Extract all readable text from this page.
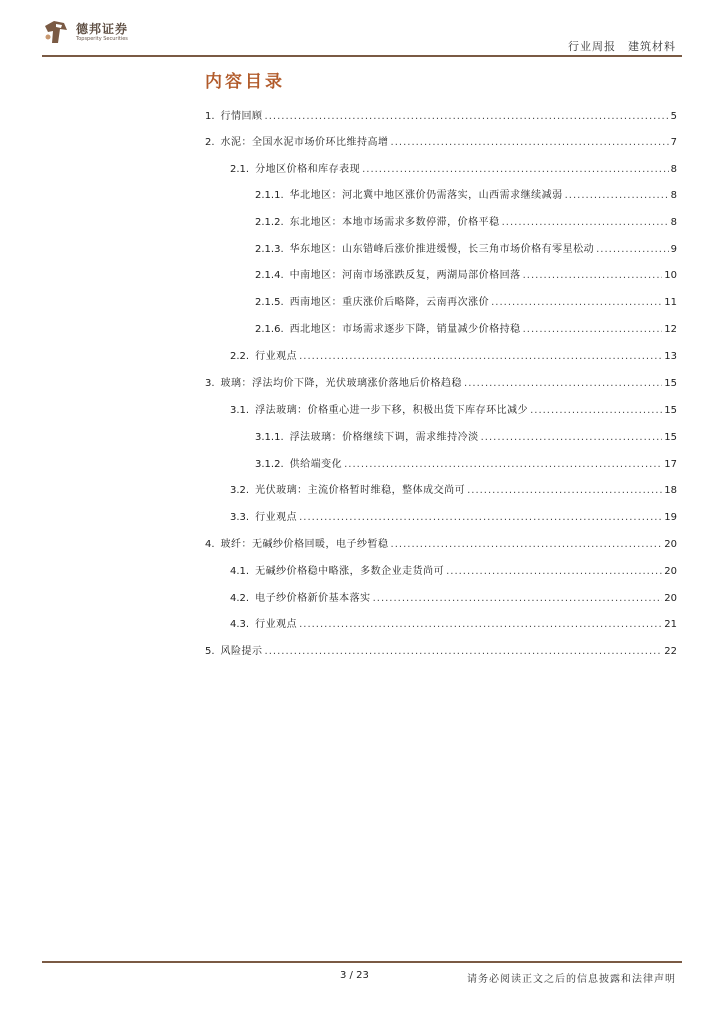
德邦证券
Topsperity Securities
行业周报 建筑材料
内容目录
1. 行情回顾 .....	5
2. 水泥：全国水泥市场价环比维持高增 .....	7
2.1. 分地区价格和库存表现 .....	8
2.1.1. 华北地区：河北冀中地区涨价仍需落实，山西需求继续减弱 .....	8
2.1.2. 东北地区：本地市场需求多数停滞，价格平稳 .....	8
2.1.3. 华东地区：山东错峰后涨价推进缓慢，长三角市场价格有零星松动 .....	9
2.1.4. 中南地区：河南市场涨跌反复，两湖局部价格回落 .....	10
2.1.5. 西南地区：重庆涨价后略降，云南再次涨价 .....	11
2.1.6. 西北地区：市场需求逐步下降，销量减少价格持稳 .....	12
2.2. 行业观点 .....	13
3. 玻璃：浮法均价下降，光伏玻璃涨价落地后价格趋稳 .....	15
3.1. 浮法玻璃：价格重心进一步下移，积极出货下库存环比减少 .....	15
3.1.1. 浮法玻璃：价格继续下调，需求维持冷淡 .....	15
3.1.2. 供给端变化 .....	17
3.2. 光伏玻璃：主流价格暂时维稳，整体成交尚可 .....	18
3.3. 行业观点 .....	19
4. 玻纤：无碱纱价格回暖，电子纱暂稳 .....	20
4.1. 无碱纱价格稳中略涨，多数企业走货尚可 .....	20
4.2. 电子纱价格新价基本落实 .....	20
4.3. 行业观点 .....	21
5. 风险提示 .....	22
3 / 23	请务必阅读正文之后的信息披露和法律声明
